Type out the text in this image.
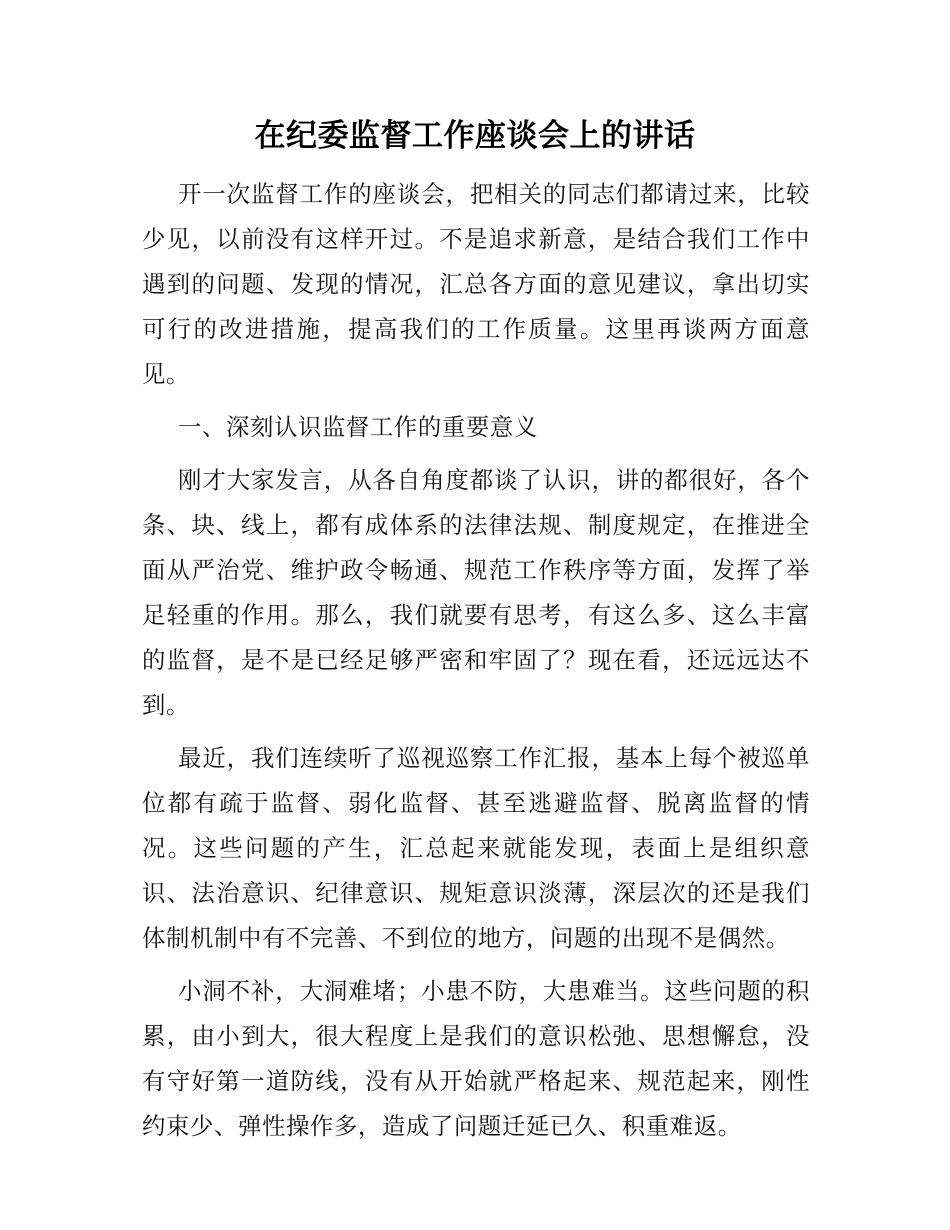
在纪委监督工作座谈会上的讲话

开一次监督工作的座谈会，把相关的同志们都请过来，比较少见，以前没有这样开过。不是追求新意，是结合我们工作中遇到的问题、发现的情况，汇总各方面的意见建议，拿出切实可行的改进措施，提高我们的工作质量。这里再谈两方面意见。

一、深刻认识监督工作的重要意义

刚才大家发言，从各自角度都谈了认识，讲的都很好，各个条、块、线上，都有成体系的法律法规、制度规定，在推进全面从严治党、维护政令畅通、规范工作秩序等方面，发挥了举足轻重的作用。那么，我们就要有思考，有这么多、这么丰富的监督，是不是已经足够严密和牢固了？现在看，还远远达不到。

最近，我们连续听了巡视巡察工作汇报，基本上每个被巡单位都有疏于监督、弱化监督、甚至逃避监督、脱离监督的情况。这些问题的产生，汇总起来就能发现，表面上是组织意识、法治意识、纪律意识、规矩意识淡薄，深层次的还是我们体制机制中有不完善、不到位的地方，问题的出现不是偶然。

小洞不补，大洞难堵；小患不防，大患难当。这些问题的积累，由小到大，很大程度上是我们的意识松弛、思想懈怠，没有守好第一道防线，没有从开始就严格起来、规范起来，刚性约束少、弹性操作多，造成了问题迁延已久、积重难返。
